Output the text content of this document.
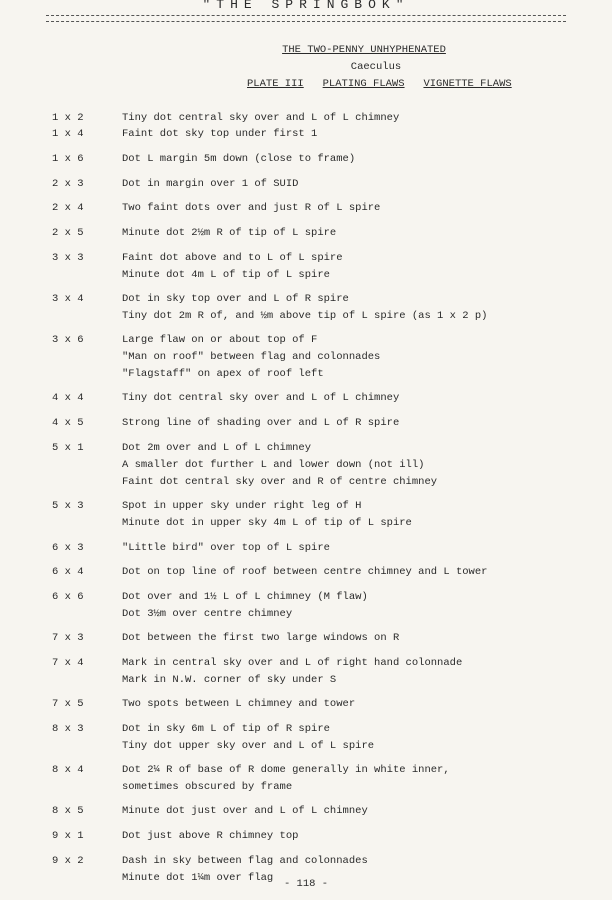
"THE SPRINGBOK"
THE TWO-PENNY UNHYPHENATED
Caeculus
PLATE III PLATING FLAWS VIGNETTE FLAWS
1 x 2	Tiny dot central sky over and L of L chimney
1 x 4	Faint dot sky top under first 1
1 x 6	Dot L margin 5m down (close to frame)
2 x 3	Dot in margin over 1 of SUID
2 x 4	Two faint dots over and just R of L spire
2 x 5	Minute dot 2½m R of tip of L spire
3 x 3	Faint dot above and to L of L spire
Minute dot 4m L of tip of L spire
3 x 4	Dot in sky top over and L of R spire
Tiny dot 2m R of, and ½m above tip of L spire (as 1 x 2 p)
3 x 6	Large flaw on or about top of F
"Man on roof" between flag and colonnades
"Flagstaff" on apex of roof left
4 x 4	Tiny dot central sky over and L of L chimney
4 x 5	Strong line of shading over and L of R spire
5 x 1	Dot 2m over and L of L chimney
A smaller dot further L and lower down (not ill)
Faint dot central sky over and R of centre chimney
5 x 3	Spot in upper sky under right leg of H
Minute dot in upper sky 4m L of tip of L spire
6 x 3	"Little bird" over top of L spire
6 x 4	Dot on top line of roof between centre chimney and L tower
6 x 6	Dot over and 1½ L of L chimney (M flaw)
Dot 3½m over centre chimney
7 x 3	Dot between the first two large windows on R
7 x 4	Mark in central sky over and L of right hand colonnade
Mark in N.W. corner of sky under S
7 x 5	Two spots between L chimney and tower
8 x 3	Dot in sky 6m L of tip of R spire
Tiny dot upper sky over and L of L spire
8 x 4	Dot 2¼ R of base of R dome generally in white inner,
sometimes obscured by frame
8 x 5	Minute dot just over and L of L chimney
9 x 1	Dot just above R chimney top
9 x 2	Dash in sky between flag and colonnades
Minute dot 1¼m over flag	- 118 -
